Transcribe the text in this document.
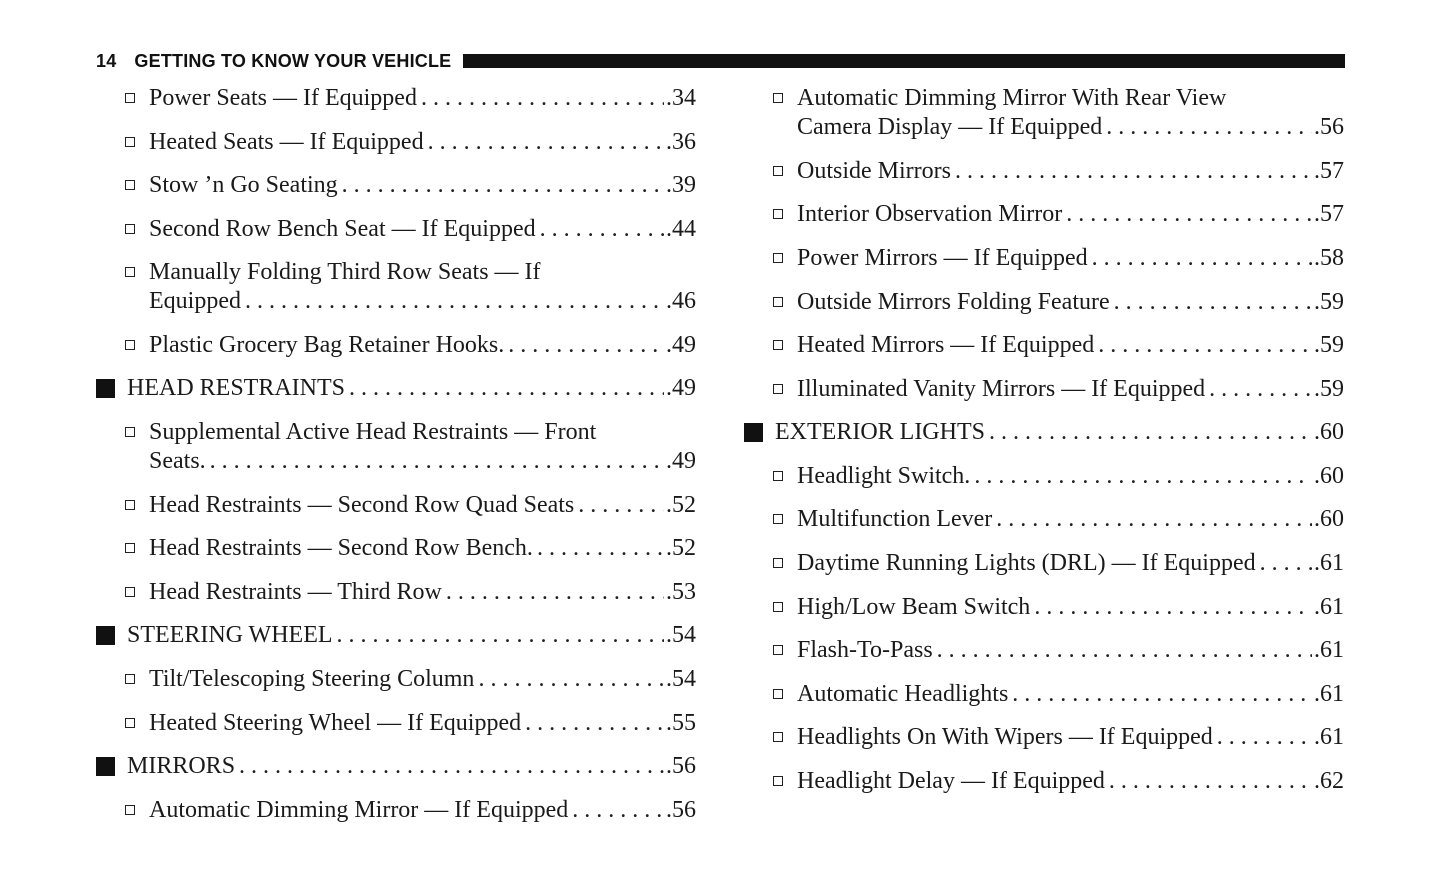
14 GETTING TO KNOW YOUR VEHICLE
Power Seats — If Equipped . . .	.34
Heated Seats — If Equipped . . .	.36
Stow ’n Go Seating . . .	.39
Second Row Bench Seat — If Equipped . . .	.44
Manually Folding Third Row Seats — If
Equipped . . .	.46
Plastic Grocery Bag Retainer Hooks. . . .	.49
HEAD RESTRAINTS . . .	.49
Supplemental Active Head Restraints — Front
Seats. . . .	.49
Head Restraints — Second Row Quad Seats . . .	.52
Head Restraints — Second Row Bench. . . .	.52
Head Restraints — Third Row . . .	.53
STEERING WHEEL . . .	.54
Tilt/Telescoping Steering Column . . .	.54
Heated Steering Wheel — If Equipped . . .	.55
MIRRORS . . .	.56
Automatic Dimming Mirror — If Equipped . . .	.56
Automatic Dimming Mirror With Rear View
Camera Display — If Equipped . . .	.56
Outside Mirrors . . .	.57
Interior Observation Mirror . . .	.57
Power Mirrors — If Equipped . . .	.58
Outside Mirrors Folding Feature . . .	.59
Heated Mirrors — If Equipped . . .	.59
Illuminated Vanity Mirrors — If Equipped . . .	.59
EXTERIOR LIGHTS . . .	.60
Headlight Switch. . . .	.60
Multifunction Lever . . .	.60
Daytime Running Lights (DRL) — If Equipped . . . .61
High/Low Beam Switch . . .	.61
Flash-To-Pass . . .	.61
Automatic Headlights . . .	.61
Headlights On With Wipers — If Equipped . . .	.61
Headlight Delay — If Equipped . . .	.62
